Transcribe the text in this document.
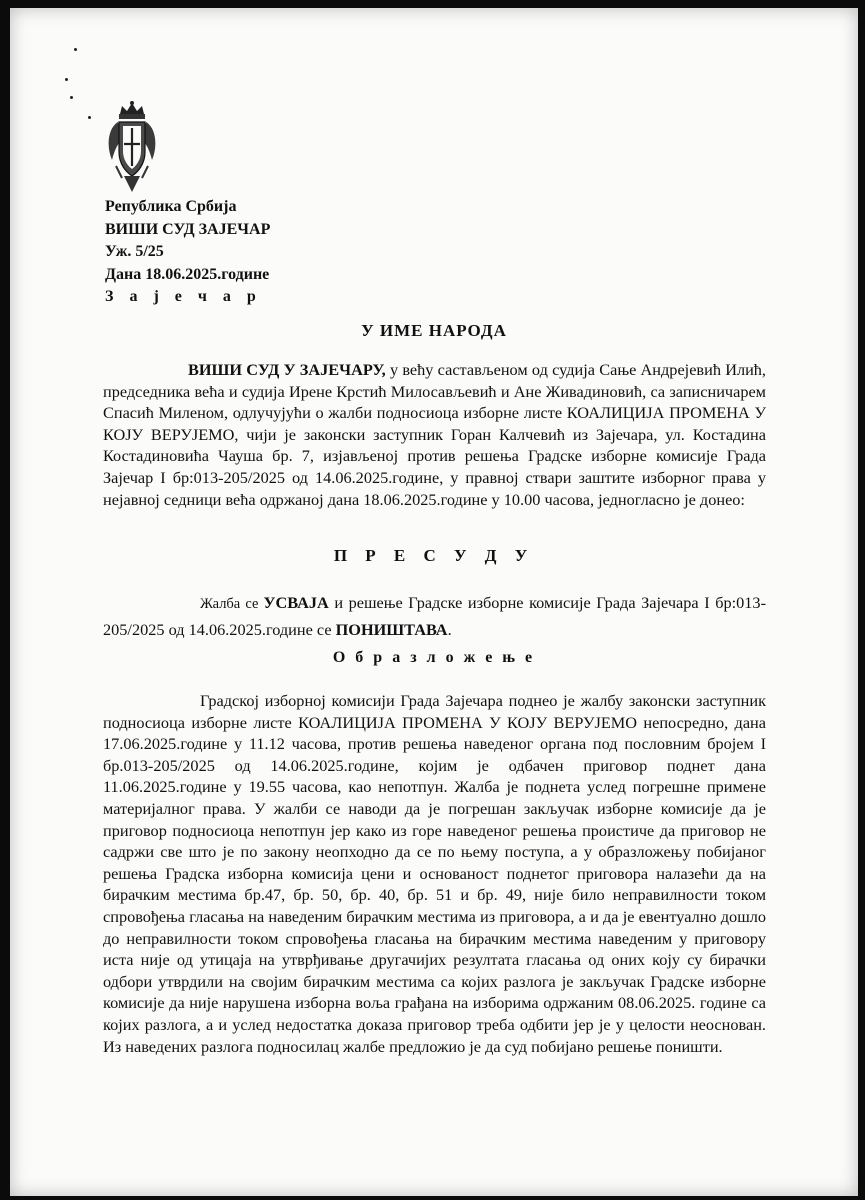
Република Србија
ВИШИ СУД ЗАЈЕЧАР
Уж. 5/25
Дана 18.06.2025.године
З а ј е ч а р
У ИМЕ НАРОДА
ВИШИ СУД У ЗАЈЕЧАРУ, у већу састављеном од судија Сање Андрејевић Илић, председника већа и судија Ирене Крстић Милосављевић и Ане Живадиновић, са записничарем Спасић Миленом, одлучујући о жалби подносиоца изборне листе КОАЛИЦИЈА ПРОМЕНА У КОЈУ ВЕРУЈЕМО, чији је законски заступник Горан Калчевић из Зајечара, ул. Костадина Костадиновића Чауша бр. 7, изјављеној против решења Градске изборне комисије Града Зајечар I бр:013-205/2025 од 14.06.2025.године, у правној ствари заштите изборног права у нејавној седници већа одржаној дана 18.06.2025.године у 10.00 часова, једногласно је донео:
П Р Е С У Д У
Жалба се УСВАЈА и решење Градске изборне комисије Града Зајечара I бр:013-205/2025 од 14.06.2025.године се ПОНИШТАВА.
О б р а з л о ж е њ е
Градској изборној комисији Града Зајечара поднео је жалбу законски заступник подносиоца изборне листе КОАЛИЦИЈА ПРОМЕНА У КОЈУ ВЕРУЈЕМО непосредно, дана 17.06.2025.године у 11.12 часова, против решења наведеног органа под пословним бројем I бр.013-205/2025 од 14.06.2025.године, којим је одбачен приговор поднет дана 11.06.2025.године у 19.55 часова, као непотпун. Жалба је поднета услед погрешне примене материјалног права. У жалби се наводи да је погрешан закључак изборне комисије да је приговор подносиоца непотпун јер како из горе наведеног решења проистиче да приговор не садржи све што је по закону неопходно да се по њему поступа, а у образложењу побијаног решења Градска изборна комисија цени и основаност поднетог приговора налазећи да на бирачким местима бр.47, бр. 50, бр. 40, бр. 51 и бр. 49, није било неправилности током спровођења гласања на наведеним бирачким местима из приговора, а и да је евентуално дошло до неправилности током спровођења гласања на бирачким местима наведеним у приговору иста није од утицаја на утврђивање другачијих резултата гласања од оних коју су бирачки одбори утврдили на својим бирачким местима са којих разлога је закључак Градске изборне комисије да није нарушена изборна воља грађана на изборима одржаним 08.06.2025. године са којих разлога, а и услед недостатка доказа приговор треба одбити јер је у целости неоснован. Из наведених разлога подносилац жалбе предложио је да суд побијано решење поништи.
